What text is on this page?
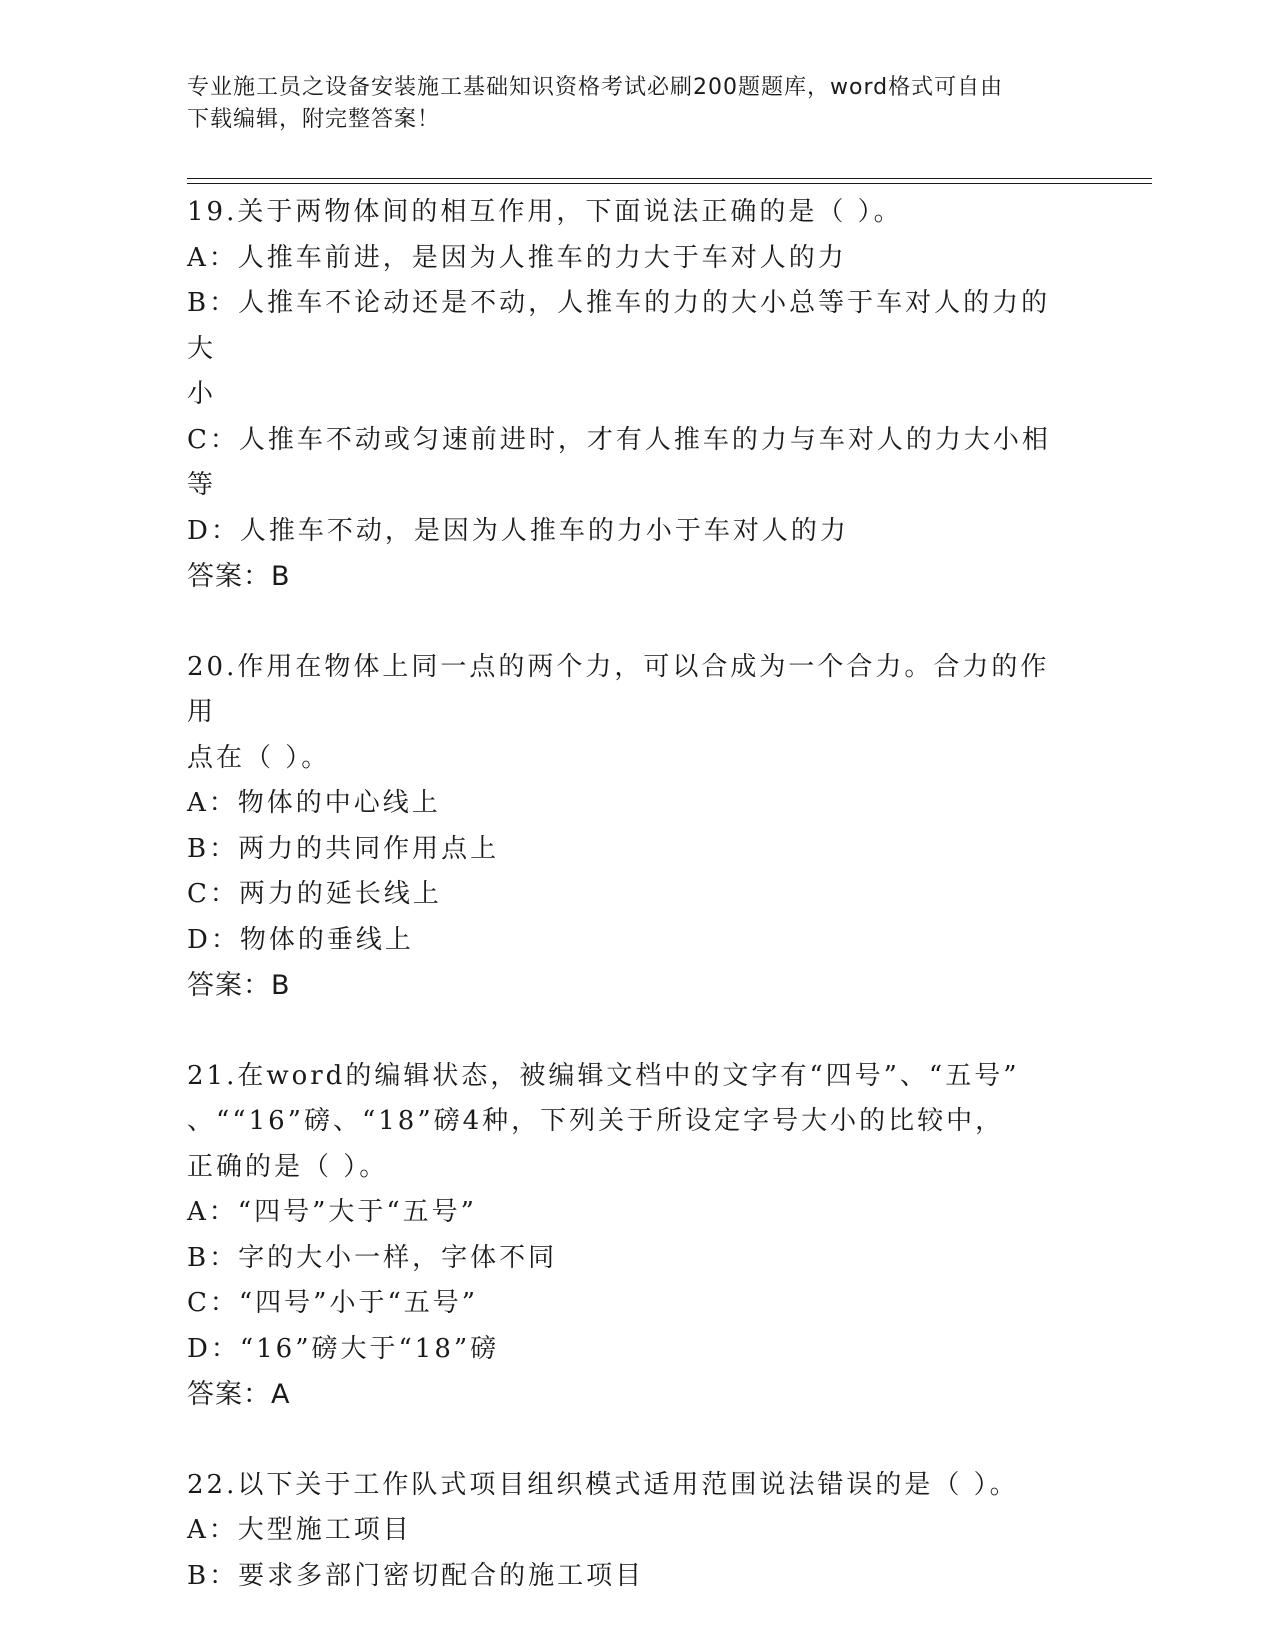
专业施工员之设备安装施工基础知识资格考试必刷200题题库，word格式可自由
下载编辑，附完整答案！

19.关于两物体间的相互作用，下面说法正确的是（ ）。

A：人推车前进，是因为人推车的力大于车对人的力

B：人推车不论动还是不动，人推车的力的大小总等于车对人的力的大

小

C：人推车不动或匀速前进时，才有人推车的力与车对人的力大小相等

D：人推车不动，是因为人推车的力小于车对人的力

答案：B

20.作用在物体上同一点的两个力，可以合成为一个合力。合力的作用

点在（ ）。

A：物体的中心线上

B：两力的共同作用点上

C：两力的延长线上

D：物体的垂线上

答案：B

21.在word的编辑状态，被编辑文档中的文字有“四号”、“五号”

、““16”磅、“18”磅4种，下列关于所设定字号大小的比较中，

正确的是（ ）。

A：“四号”大于“五号”

B：字的大小一样，字体不同

C：“四号”小于“五号”

D：“16”磅大于“18”磅

答案：A

22.以下关于工作队式项目组织模式适用范围说法错误的是（ ）。

A：大型施工项目

B：要求多部门密切配合的施工项目
